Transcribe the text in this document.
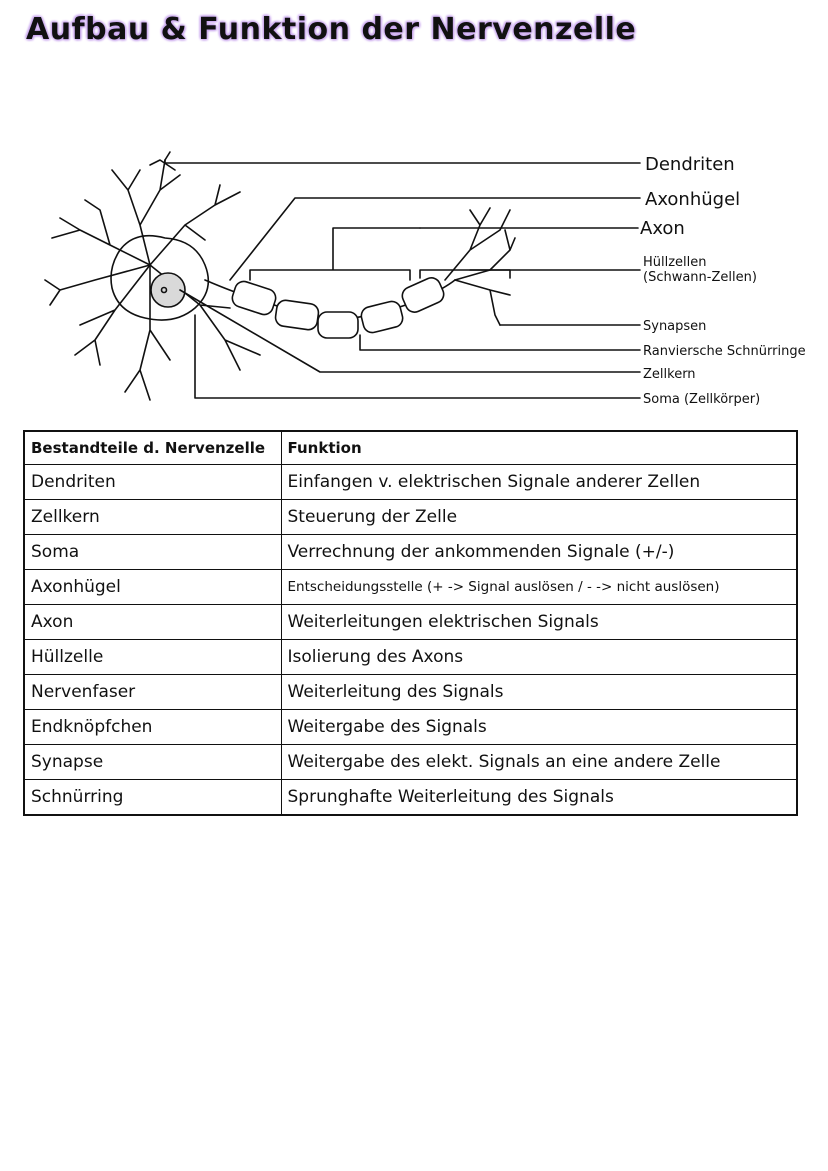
Aufbau & Funktion der Nervenzelle
Dendriten
Axonhügel
Axon
Hüllzellen
(Schwann-Zellen)
Synapsen
Ranviersche Schnürringe
Zellkern
Soma (Zellkörper)
Bestandteile d. Nervenzelle	Funktion
Dendriten	Einfangen v. elektrischen Signale anderer Zellen
Zellkern	Steuerung der Zelle
Soma	Verrechnung der ankommenden Signale (+/-)
Axonhügel	Entscheidungsstelle (+ -> Signal auslösen / - -> nicht auslösen)
Axon	Weiterleitungen elektrischen Signals
Hüllzelle	Isolierung des Axons
Nervenfaser	Weiterleitung des Signals
Endknöpfchen	Weitergabe des Signals
Synapse	Weitergabe des elekt. Signals an eine andere Zelle
Schnürring	Sprunghafte Weiterleitung des Signals
